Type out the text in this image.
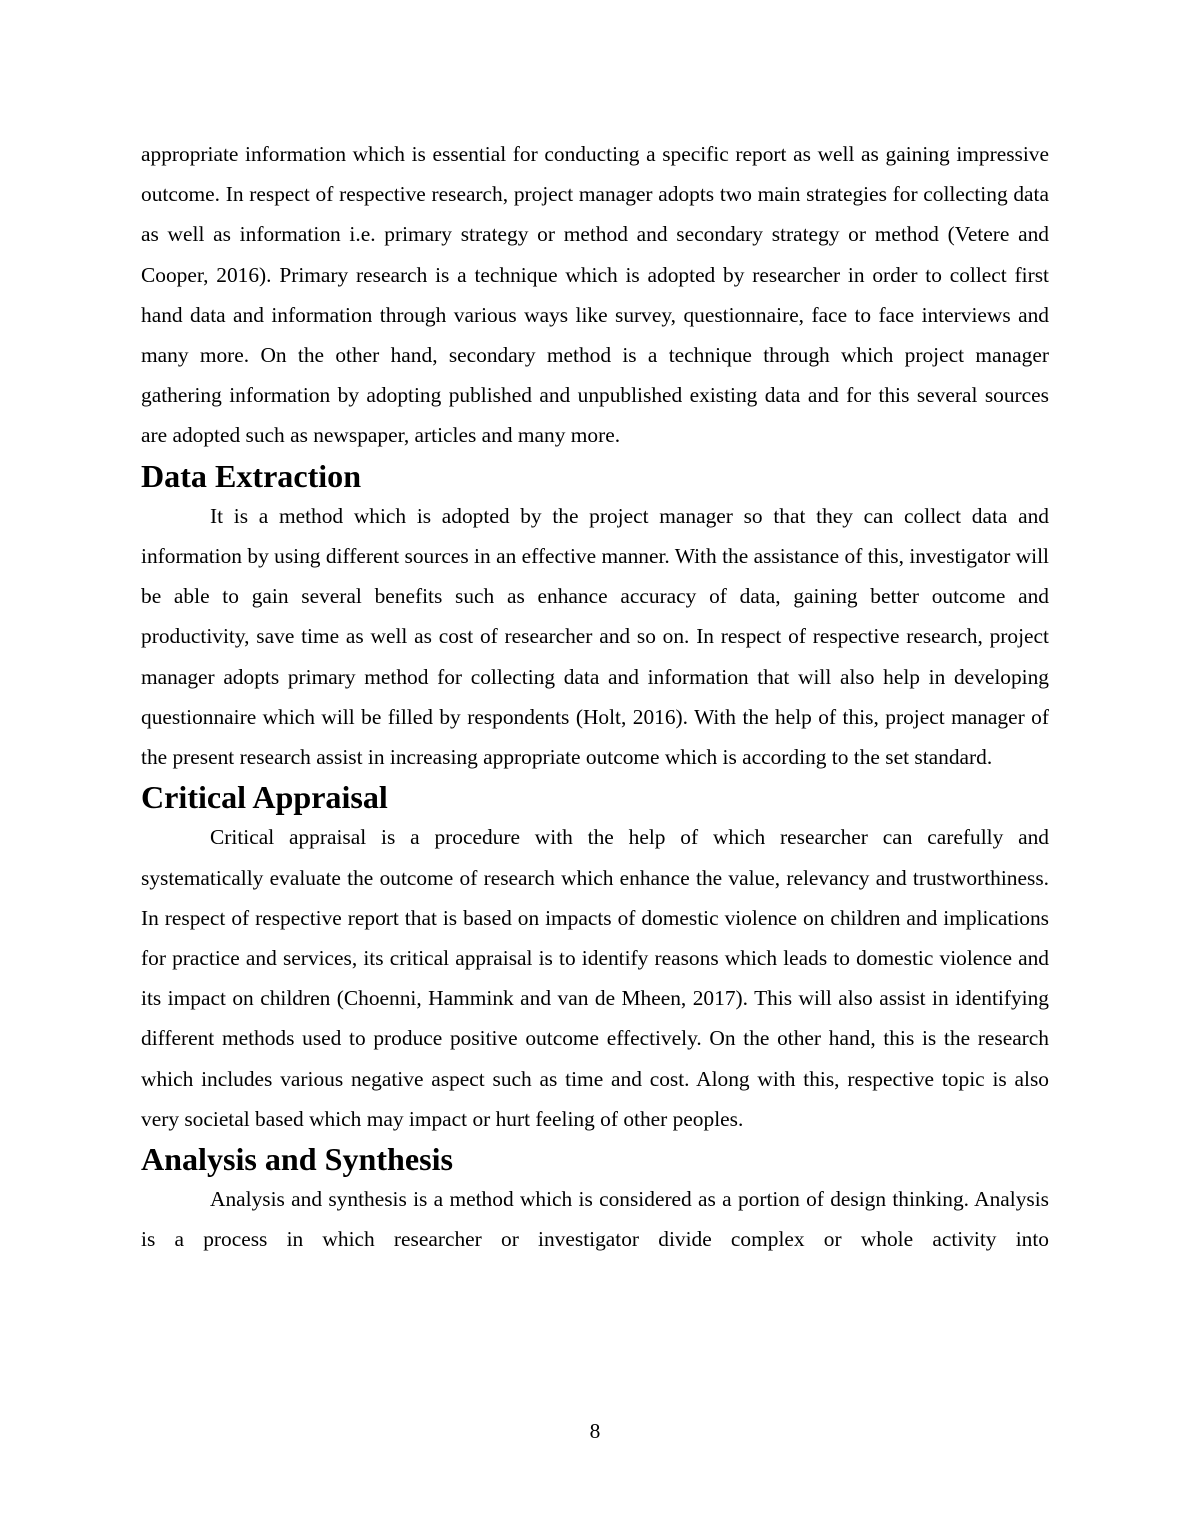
appropriate information which is essential for conducting a specific report as well as gaining impressive outcome. In respect of respective research, project manager adopts two main strategies for collecting data as well as information i.e. primary strategy or method and secondary strategy or method (Vetere and Cooper, 2016). Primary research is a technique which is adopted by researcher in order to collect first hand data and information through various ways like survey, questionnaire, face to face interviews and many more. On the other hand, secondary method is a technique through which project manager gathering information by adopting published and unpublished existing data and for this several sources are adopted such as newspaper, articles and many more.

Data Extraction

It is a method which is adopted by the project manager so that they can collect data and information by using different sources in an effective manner. With the assistance of this, investigator will be able to gain several benefits such as enhance accuracy of data, gaining better outcome and productivity, save time as well as cost of researcher and so on. In respect of respective research, project manager adopts primary method for collecting data and information that will also help in developing questionnaire which will be filled by respondents (Holt, 2016). With the help of this, project manager of the present research assist in increasing appropriate outcome which is according to the set standard.

Critical Appraisal

Critical appraisal is a procedure with the help of which researcher can carefully and systematically evaluate the outcome of research which enhance the value, relevancy and trustworthiness. In respect of respective report that is based on impacts of domestic violence on children and implications for practice and services, its critical appraisal is to identify reasons which leads to domestic violence and its impact on children (Choenni, Hammink and van de Mheen, 2017). This will also assist in identifying different methods used to produce positive outcome effectively. On the other hand, this is the research which includes various negative aspect such as time and cost. Along with this, respective topic is also very societal based which may impact or hurt feeling of other peoples.

Analysis and Synthesis

Analysis and synthesis is a method which is considered as a portion of design thinking. Analysis is a process in which researcher or investigator divide complex or whole activity into

8
